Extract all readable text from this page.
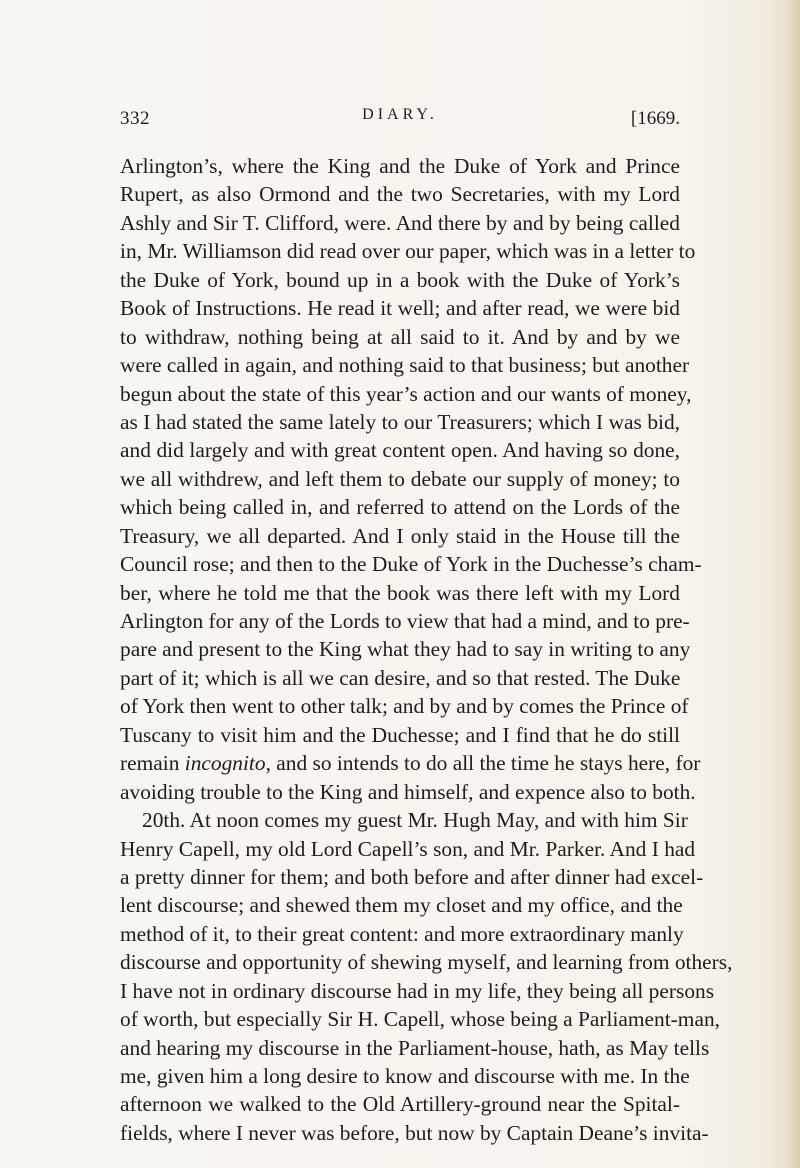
332	DIARY.	[1669.
Arlington’s, where the King and the Duke of York and Prince
Rupert, as also Ormond and the two Secretaries, with my Lord
Ashly and Sir T. Clifford, were. And there by and by being called
in, Mr. Williamson did read over our paper, which was in a letter to
the Duke of York, bound up in a book with the Duke of York’s
Book of Instructions. He read it well; and after read, we were bid
to withdraw, nothing being at all said to it. And by and by we
were called in again, and nothing said to that business; but another
begun about the state of this year’s action and our wants of money,
as I had stated the same lately to our Treasurers; which I was bid,
and did largely and with great content open. And having so done,
we all withdrew, and left them to debate our supply of money; to
which being called in, and referred to attend on the Lords of the
Treasury, we all departed. And I only staid in the House till the
Council rose; and then to the Duke of York in the Duchesse’s cham-
ber, where he told me that the book was there left with my Lord
Arlington for any of the Lords to view that had a mind, and to pre-
pare and present to the King what they had to say in writing to any
part of it; which is all we can desire, and so that rested. The Duke
of York then went to other talk; and by and by comes the Prince of
Tuscany to visit him and the Duchesse; and I find that he do still
remain incognito, and so intends to do all the time he stays here, for
avoiding trouble to the King and himself, and expence also to both.
20th. At noon comes my guest Mr. Hugh May, and with him Sir
Henry Capell, my old Lord Capell’s son, and Mr. Parker. And I had
a pretty dinner for them; and both before and after dinner had excel-
lent discourse; and shewed them my closet and my office, and the
method of it, to their great content: and more extraordinary manly
discourse and opportunity of shewing myself, and learning from others,
I have not in ordinary discourse had in my life, they being all persons
of worth, but especially Sir H. Capell, whose being a Parliament-man,
and hearing my discourse in the Parliament-house, hath, as May tells
me, given him a long desire to know and discourse with me. In the
afternoon we walked to the Old Artillery-ground near the Spital-
fields, where I never was before, but now by Captain Deane’s invita-
